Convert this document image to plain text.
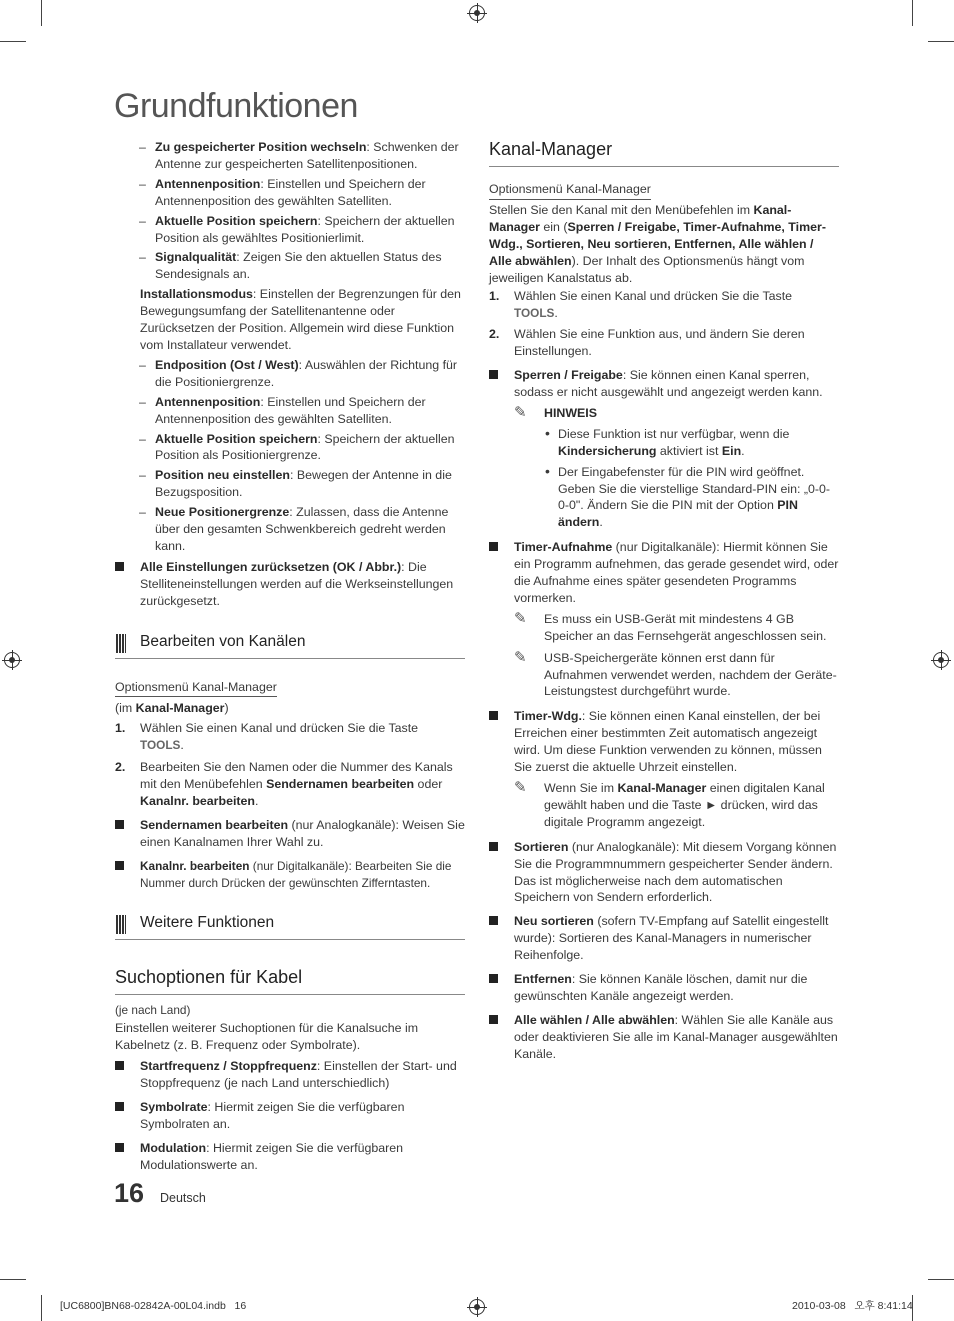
Grundfunktionen

– Zu gespeicherter Position wechseln: Schwenken der Antenne zur gespeicherten Satellitenpositionen.

– Antennenposition: Einstellen und Speichern der Antennenposition des gewählten Satelliten.

– Aktuelle Position speichern: Speichern der aktuellen Position als gewähltes Positionierlimit.

– Signalqualität: Zeigen Sie den aktuellen Status des Sendesignals an.

Installationsmodus: Einstellen der Begrenzungen für den Bewegungsumfang der Satellitenantenne oder Zurücksetzen der Position. Allgemein wird diese Funktion vom Installateur verwendet.

– Endposition (Ost / West): Auswählen der Richtung für die Positioniergrenze.

– Antennenposition: Einstellen und Speichern der Antennenposition des gewählten Satelliten.

– Aktuelle Position speichern: Speichern der aktuellen Position als Positioniergrenze.

– Position neu einstellen: Bewegen der Antenne in die Bezugsposition.

– Neue Positionergrenze: Zulassen, dass die Antenne über den gesamten Schwenkbereich gedreht werden kann.

Alle Einstellungen zurücksetzen (OK / Abbr.): Die Stelliteneinstellungen werden auf die Werkseinstellungen zurückgesetzt.

Bearbeiten von Kanälen

Optionsmenü Kanal-Manager

(im Kanal-Manager)

1. Wählen Sie einen Kanal und drücken Sie die Taste TOOLS.

2. Bearbeiten Sie den Namen oder die Nummer des Kanals mit den Menübefehlen Sendernamen bearbeiten oder Kanalnr. bearbeiten.

Sendernamen bearbeiten (nur Analogkanäle): Weisen Sie einen Kanalnamen Ihrer Wahl zu.

Kanalnr. bearbeiten (nur Digitalkanäle): Bearbeiten Sie die Nummer durch Drücken der gewünschten Zifferntasten.

Weitere Funktionen
Suchoptionen für Kabel

(je nach Land)

Einstellen weiterer Suchoptionen für die Kanalsuche im Kabelnetz (z. B. Frequenz oder Symbolrate).

Startfrequenz / Stoppfrequenz: Einstellen der Start- und Stoppfrequenz (je nach Land unterschiedlich)

Symbolrate: Hiermit zeigen Sie die verfügbaren Symbolraten an.

Modulation: Hiermit zeigen Sie die verfügbaren Modulationswerte an.

Kanal-Manager

Optionsmenü Kanal-Manager

Stellen Sie den Kanal mit den Menübefehlen im Kanal-Manager ein (Sperren / Freigabe, Timer-Aufnahme, Timer-Wdg., Sortieren, Neu sortieren, Entfernen, Alle wählen / Alle abwählen). Der Inhalt des Optionsmenüs hängt vom jeweiligen Kanalstatus ab.

1. Wählen Sie einen Kanal und drücken Sie die Taste TOOLS.

2. Wählen Sie eine Funktion aus, und ändern Sie deren Einstellungen.

Sperren / Freigabe: Sie können einen Kanal sperren, sodass er nicht ausgewählt und angezeigt werden kann.

✎	HINWEIS

• Diese Funktion ist nur verfügbar, wenn die Kindersicherung aktiviert ist Ein.

• Der Eingabefenster für die PIN wird geöffnet. Geben Sie die vierstellige Standard-PIN ein: „0-0-0-0". Ändern Sie die PIN mit der Option PIN ändern.

Timer-Aufnahme (nur Digitalkanäle): Hiermit können Sie ein Programm aufnehmen, das gerade gesendet wird, oder die Aufnahme eines später gesendeten Programms vormerken.

✎	Es muss ein USB-Gerät mit mindestens 4 GB Speicher an das Fernsehgerät angeschlossen sein.

✎	USB-Speichergeräte können erst dann für Aufnahmen verwendet werden, nachdem der Geräte-Leistungstest durchgeführt wurde.

Timer-Wdg.: Sie können einen Kanal einstellen, der bei Erreichen einer bestimmten Zeit automatisch angezeigt wird. Um diese Funktion verwenden zu können, müssen Sie zuerst die aktuelle Uhrzeit einstellen.

✎	Wenn Sie im Kanal-Manager einen digitalen Kanal gewählt haben und die Taste ► drücken, wird das digitale Programm angezeigt.

Sortieren (nur Analogkanäle): Mit diesem Vorgang können Sie die Programmnummern gespeicherter Sender ändern. Das ist möglicherweise nach dem automatischen Speichern von Sendern erforderlich.

Neu sortieren (sofern TV-Empfang auf Satellit eingestellt wurde): Sortieren des Kanal-Managers in numerischer Reihenfolge.

Entfernen: Sie können Kanäle löschen, damit nur die gewünschten Kanäle angezeigt werden.

Alle wählen / Alle abwählen: Wählen Sie alle Kanäle aus oder deaktivieren Sie alle im Kanal-Manager ausgewählten Kanäle.

16 Deutsch
[UC6800]BN68-02842A-00L04.indb   16	2010-03-08   오후 8:41:14
